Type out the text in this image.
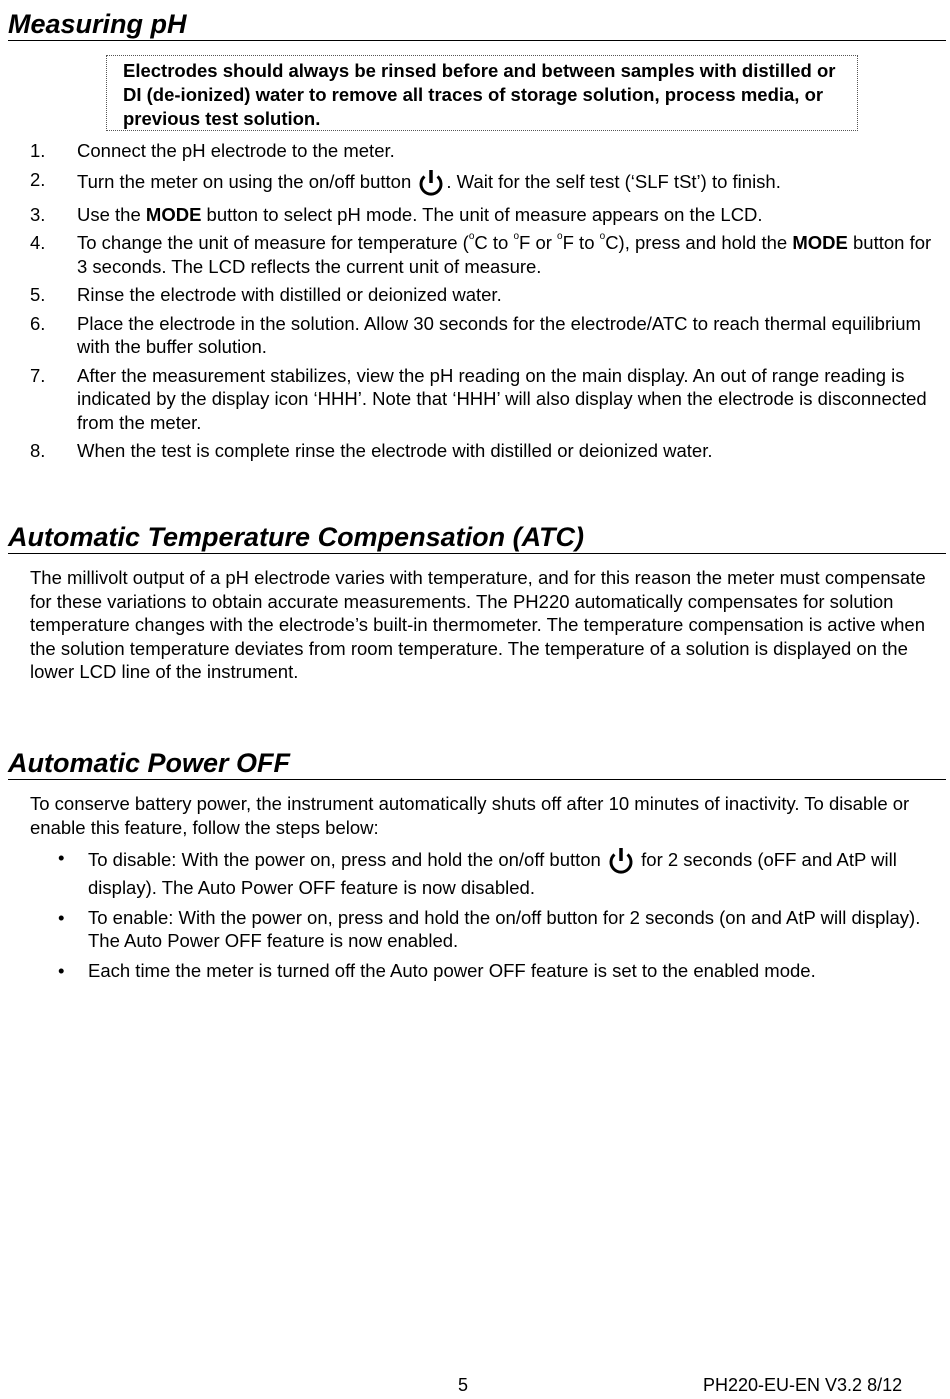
Measuring pH
Electrodes should always be rinsed before and between samples with distilled or DI (de-ionized) water to remove all traces of storage solution, process media, or previous test solution.
1. Connect the pH electrode to the meter.
2. Turn the meter on using the on/off button . Wait for the self test (‘SLF tSt’) to finish.
3. Use the MODE button to select pH mode. The unit of measure appears on the LCD.
4. To change the unit of measure for temperature ($^o$C to $^o$F or $^o$F to $^o$C), press and hold the MODE button for 3 seconds. The LCD reflects the current unit of measure.
5. Rinse the electrode with distilled or deionized water.
6. Place the electrode in the solution. Allow 30 seconds for the electrode/ATC to reach thermal equilibrium with the buffer solution.
7. After the measurement stabilizes, view the pH reading on the main display. An out of range reading is indicated by the display icon ‘HHH’. Note that ‘HHH’ will also display when the electrode is disconnected from the meter.
8. When the test is complete rinse the electrode with distilled or deionized water.
Automatic Temperature Compensation (ATC)
The millivolt output of a pH electrode varies with temperature, and for this reason the meter must compensate for these variations to obtain accurate measurements. The PH220 automatically compensates for solution temperature changes with the electrode’s built-in thermometer. The temperature compensation is active when the solution temperature deviates from room temperature. The temperature of a solution is displayed on the lower LCD line of the instrument.
Automatic Power OFF
To conserve battery power, the instrument automatically shuts off after 10 minutes of inactivity. To disable or enable this feature, follow the steps below:
• To disable: With the power on, press and hold the on/off button for 2 seconds (oFF and AtP will display). The Auto Power OFF feature is now disabled.
• To enable: With the power on, press and hold the on/off button for 2 seconds (on and AtP will display). The Auto Power OFF feature is now enabled.
• Each time the meter is turned off the Auto power OFF feature is set to the enabled mode.
5	PH220-EU-EN V3.2 8/12
